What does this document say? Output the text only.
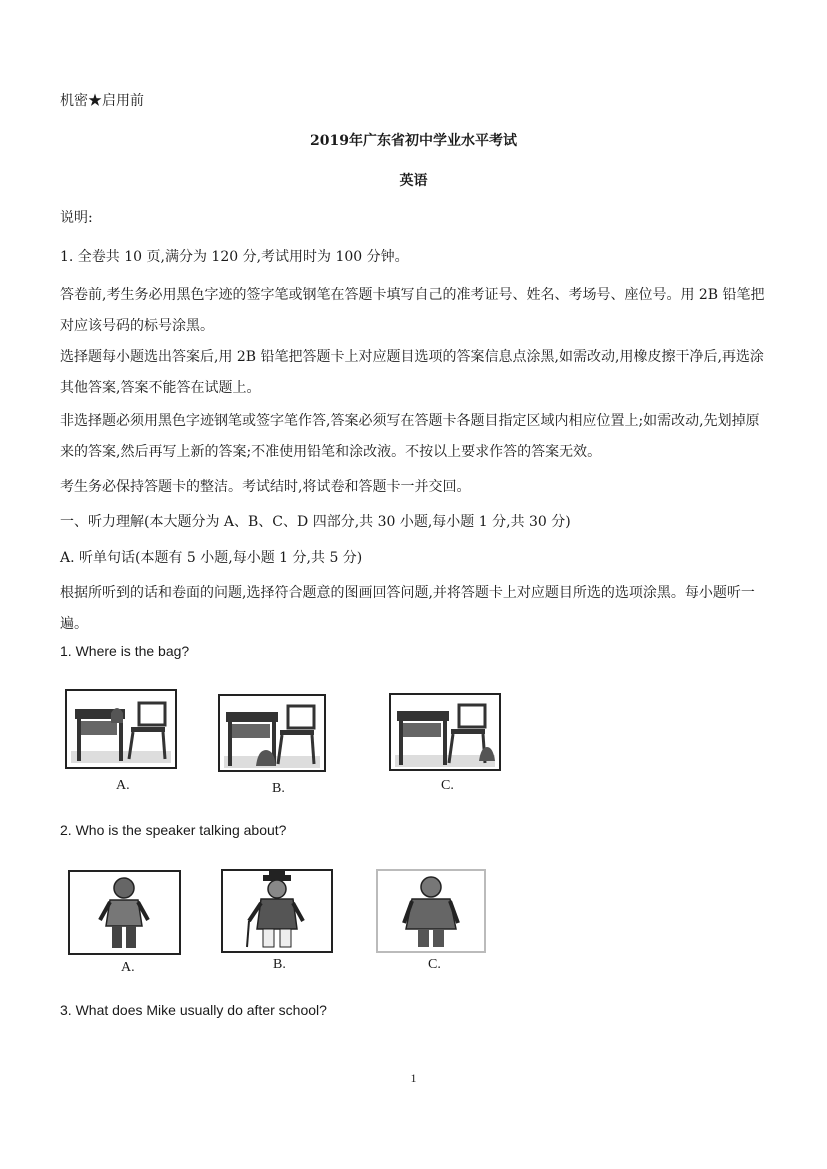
机密★启用前
2019年广东省初中学业水平考试
英语
说明:
1. 全卷共 10 页,满分为 120 分,考试用时为 100 分钟。
答卷前,考生务必用黑色字迹的签字笔或钢笔在答题卡填写自己的准考证号、姓名、考场号、座位号。用 2B 铅笔把对应该号码的标号涂黑。
选择题每小题选出答案后,用 2B 铅笔把答题卡上对应题目选项的答案信息点涂黑,如需改动,用橡皮擦干净后,再选涂其他答案,答案不能答在试题上。
非选择题必须用黑色字迹钢笔或签字笔作答,答案必须写在答题卡各题目指定区域内相应位置上;如需改动,先划掉原来的答案,然后再写上新的答案;不准使用铅笔和涂改液。不按以上要求作答的答案无效。
考生务必保持答题卡的整洁。考试结时,将试卷和答题卡一并交回。
一、听力理解(本大题分为 A、B、C、D 四部分,共 30 小题,每小题 1 分,共 30 分)
A. 听单句话(本题有 5 小题,每小题 1 分,共 5 分)
根据所听到的话和卷面的问题,选择符合题意的图画回答问题,并将答题卡上对应题目所选的选项涂黑。每小题听一遍。
1. Where is the bag?
A.	B.	C.
2. Who is the speaker talking about?
A.	B.	C.
3. What does Mike usually do after school?
1
